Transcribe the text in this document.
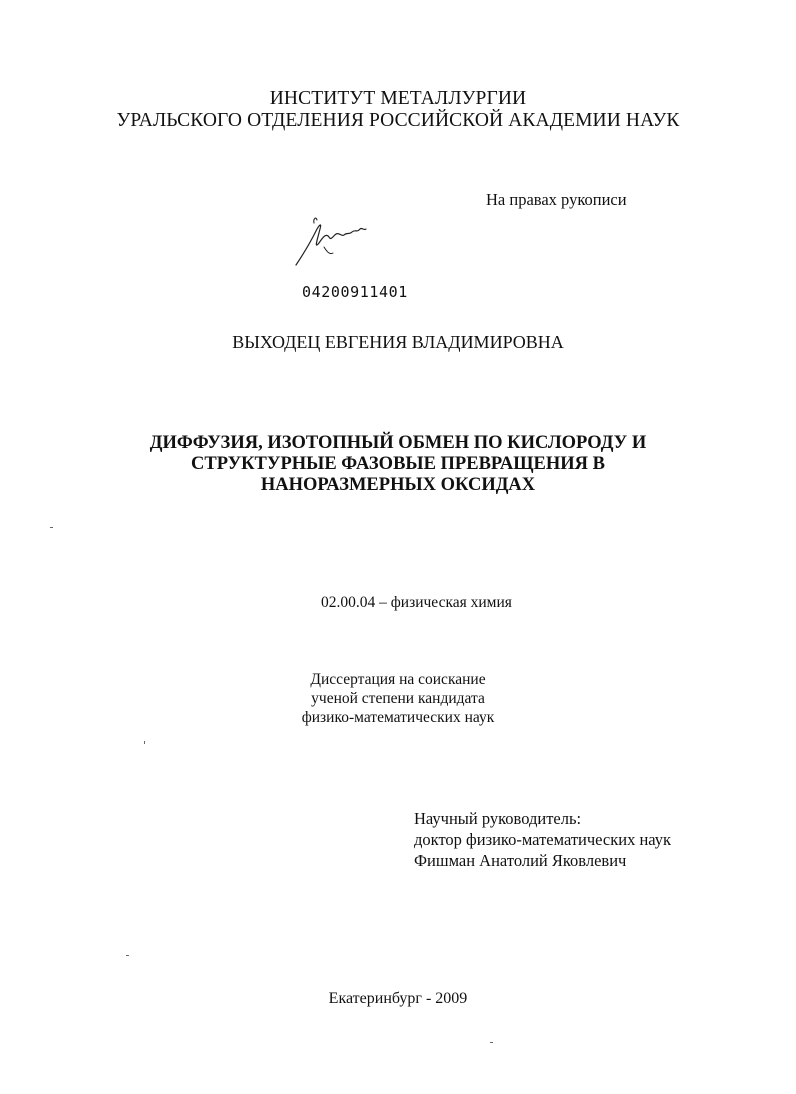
ИНСТИТУТ МЕТАЛЛУРГИИ
УРАЛЬСКОГО ОТДЕЛЕНИЯ РОССИЙСКОЙ АКАДЕМИИ НАУК
На правах рукописи
04200911401
ВЫХОДЕЦ ЕВГЕНИЯ ВЛАДИМИРОВНА
ДИФФУЗИЯ, ИЗОТОПНЫЙ ОБМЕН ПО КИСЛОРОДУ И
СТРУКТУРНЫЕ ФАЗОВЫЕ ПРЕВРАЩЕНИЯ В
НАНОРАЗМЕРНЫХ ОКСИДАХ
02.00.04 – физическая химия
Диссертация на соискание
ученой степени кандидата
физико-математических наук
Научный руководитель:
доктор физико-математических наук
Фишман Анатолий Яковлевич
Екатеринбург - 2009
